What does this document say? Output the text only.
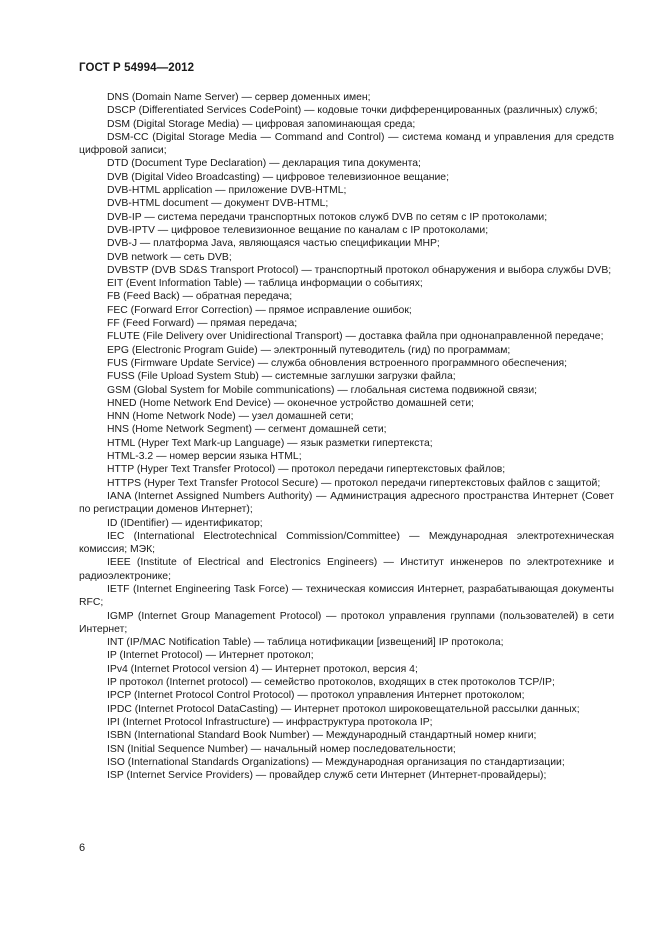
ГОСТ Р 54994—2012

DNS (Domain Name Server) — сервер доменных имен;

DSCP (Differentiated Services CodePoint) — кодовые точки дифференцированных (различных) служб;

DSM (Digital Storage Media) — цифровая запоминающая среда;

DSM-CC (Digital Storage Media — Command and Control) — система команд и управления для средств цифровой записи;

DTD (Document Type Declaration) — декларация типа документа;

DVB (Digital Video Broadcasting) — цифровое телевизионное вещание;

DVB-HTML application — приложение DVB-HTML;

DVB-HTML document — документ DVB-HTML;

DVB-IP — система передачи транспортных потоков служб DVB по сетям с IP протоколами;

DVB-IPTV — цифровое телевизионное вещание по каналам с IP протоколами;

DVB-J — платформа Java, являющаяся частью спецификации MHP;

DVB network — сеть DVB;

DVBSTP (DVB SD&S Transport Protocol) — транспортный протокол обнаружения и выбора службы DVB;

EIT (Event Information Table) — таблица информации о событиях;

FB (Feed Back) — обратная передача;

FEC (Forward Error Correction) — прямое исправление ошибок;

FF (Feed Forward) — прямая передача;

FLUTE (File Delivery over Unidirectional Transport) — доставка файла при однонаправленной передаче;

EPG (Electronic Program Guide) — электронный путеводитель (гид) по программам;

FUS (Firmware Update Service) — служба обновления встроенного программного обеспечения;

FUSS (File Upload System Stub) — системные заглушки загрузки файла;

GSM (Global System for Mobile communications) — глобальная система подвижной связи;

HNED (Home Network End Device) — оконечное устройство домашней сети;

HNN (Home Network Node) — узел домашней сети;

HNS (Home Network Segment) — сегмент домашней сети;

HTML (Hyper Text Mark-up Language) — язык разметки гипертекста;

HTML-3.2 — номер версии языка HTML;

HTTP (Hyper Text Transfer Protocol) — протокол передачи гипертекстовых файлов;

HTTPS (Hyper Text Transfer Protocol Secure) — протокол передачи гипертекстовых файлов с защитой;

IANA (Internet Assigned Numbers Authority) — Администрация адресного пространства Интернет (Совет по регистрации доменов Интернет);

ID (IDentifier) — идентификатор;

IEC (International Electrotechnical Commission/Committee) — Международная электротехническая комиссия; МЭК;

IEEE (Institute of Electrical and Electronics Engineers) — Институт инженеров по электротехнике и радиоэлектронике;

IETF (Internet Engineering Task Force) — техническая комиссия Интернет, разрабатывающая документы RFC;

IGMP (Internet Group Management Protocol) — протокол управления группами (пользователей) в сети Интернет;

INT (IP/MAC Notification Table) — таблица нотификации [извещений] IP протокола;

IP (Internet Protocol) — Интернет протокол;

IPv4 (Internet Protocol version 4) — Интернет протокол, версия 4;

IP протокол (Internet protocol) — семейство протоколов, входящих в стек протоколов TCP/IP;

IPCP (Internet Protocol Control Protocol) — протокол управления Интернет протоколом;

IPDC (Internet Protocol DataCasting) — Интернет протокол широковещательной рассылки данных;

IPI (Internet Protocol Infrastructure) — инфраструктура протокола IP;

ISBN (International Standard Book Number) — Международный стандартный номер книги;

ISN (Initial Sequence Number) — начальный номер последовательности;

ISO (International Standards Organizations) — Международная организация по стандартизации;

ISP (Internet Service Providers) — провайдер служб сети Интернет (Интернет-провайдеры);

6
